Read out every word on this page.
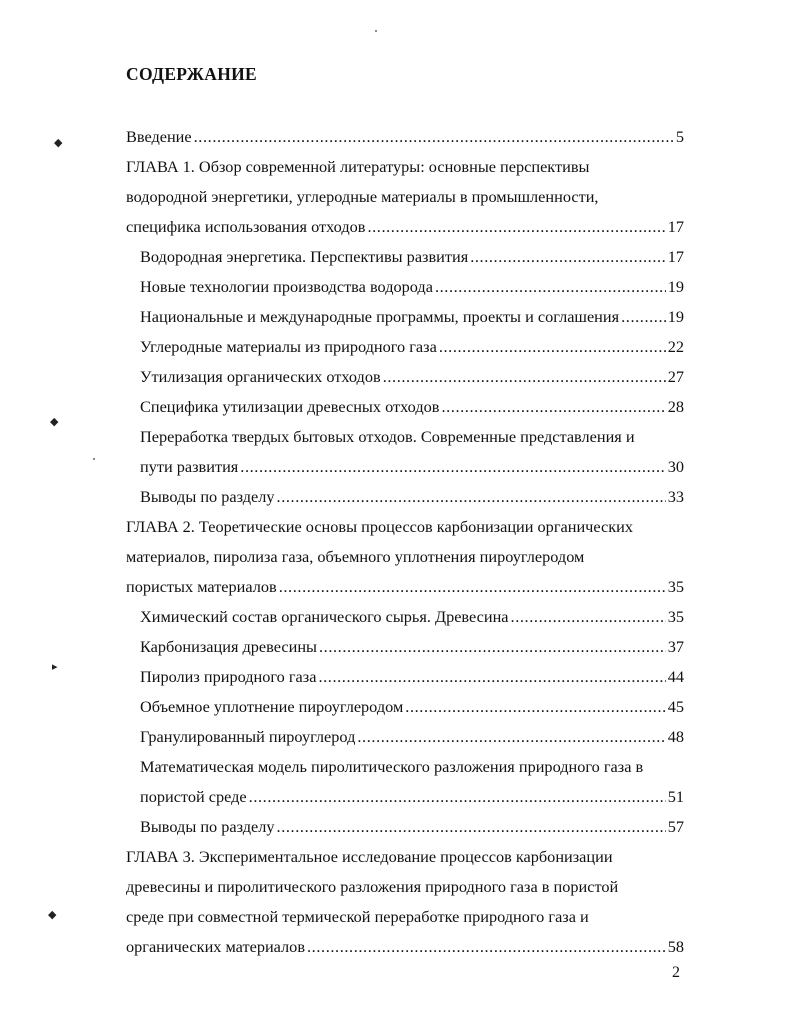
СОДЕРЖАНИЕ
Введение .....	5
ГЛАВА 1. Обзор современной литературы: основные перспективы
водородной энергетики, углеродные материалы в промышленности,
специфика использования отходов .....	17
Водородная энергетика. Перспективы развития .....	17
Новые технологии производства водорода .....	19
Национальные и международные программы, проекты и соглашения .....	19
Углеродные материалы из природного газа .....	22
Утилизация органических отходов .....	27
Специфика утилизации древесных отходов .....	28
Переработка твердых бытовых отходов. Современные представления и
пути развития .....	30
Выводы по разделу .....	33
ГЛАВА 2. Теоретические основы процессов карбонизации органических
материалов, пиролиза газа, объемного уплотнения пироуглеродом
пористых материалов .....	35
Химический состав органического сырья. Древесина .....	35
Карбонизация древесины .....	37
Пиролиз природного газа .....	44
Объемное уплотнение пироуглеродом .....	45
Гранулированный пироуглерод .....	48
Математическая модель пиролитического разложения природного газа в
пористой среде .....	51
Выводы по разделу .....	57
ГЛАВА 3. Экспериментальное исследование процессов карбонизации
древесины и пиролитического разложения природного газа в пористой
среде при совместной термической переработке природного газа и
органических материалов .....	58
2
◆
◆
▸
◆
